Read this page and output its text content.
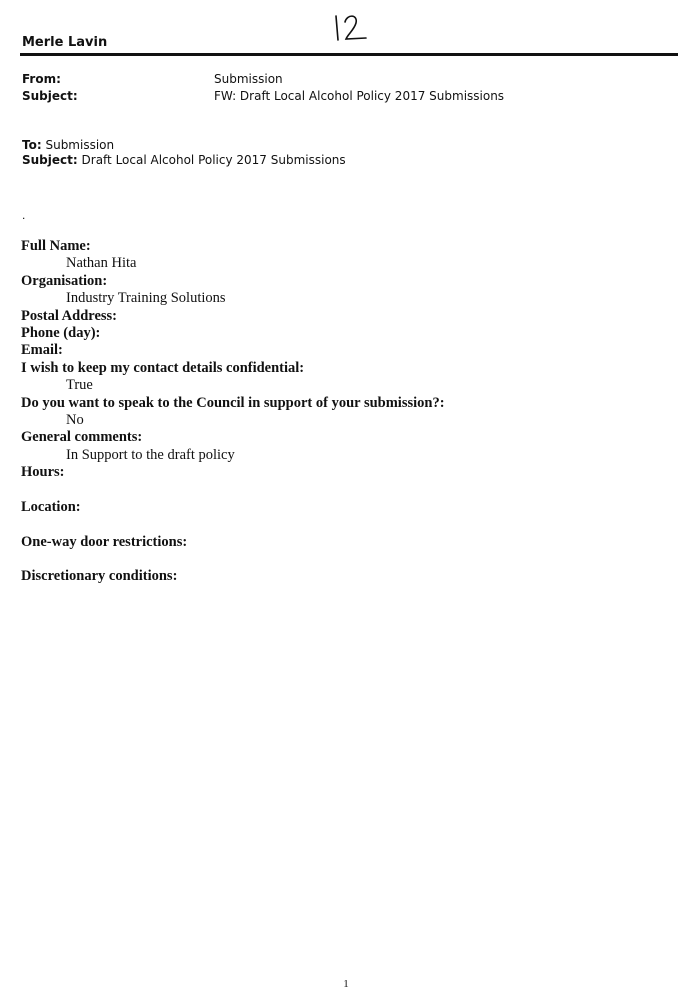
Merle Lavin
From:	Submission
Subject:	FW: Draft Local Alcohol Policy 2017 Submissions
To: Submission
Subject: Draft Local Alcohol Policy 2017 Submissions
.
Full Name:
Nathan Hita
Organisation:
Industry Training Solutions
Postal Address:
Phone (day):
Email:
I wish to keep my contact details confidential:
True
Do you want to speak to the Council in support of your submission?:
No
General comments:
In Support to the draft policy
Hours:
Location:
One-way door restrictions:
Discretionary conditions:
1
